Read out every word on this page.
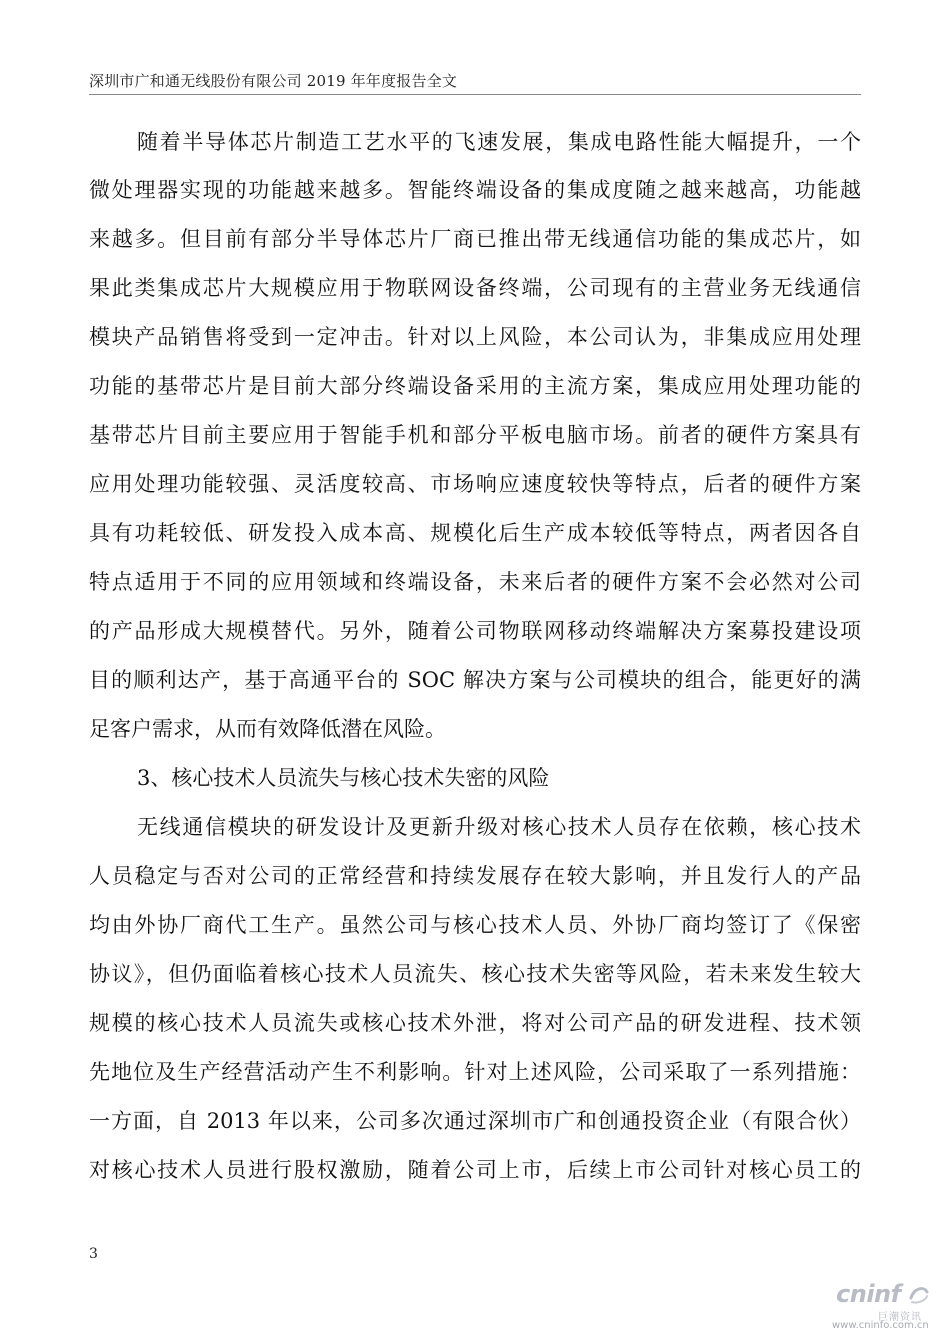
深圳市广和通无线股份有限公司 2019 年年度报告全文
随着半导体芯片制造工艺水平的飞速发展，集成电路性能大幅提升，一个
微处理器实现的功能越来越多。智能终端设备的集成度随之越来越高，功能越
来越多。但目前有部分半导体芯片厂商已推出带无线通信功能的集成芯片，如
果此类集成芯片大规模应用于物联网设备终端，公司现有的主营业务无线通信
模块产品销售将受到一定冲击。针对以上风险，本公司认为，非集成应用处理
功能的基带芯片是目前大部分终端设备采用的主流方案，集成应用处理功能的
基带芯片目前主要应用于智能手机和部分平板电脑市场。前者的硬件方案具有
应用处理功能较强、灵活度较高、市场响应速度较快等特点，后者的硬件方案
具有功耗较低、研发投入成本高、规模化后生产成本较低等特点，两者因各自
特点适用于不同的应用领域和终端设备，未来后者的硬件方案不会必然对公司
的产品形成大规模替代。另外，随着公司物联网移动终端解决方案募投建设项
目的顺利达产，基于高通平台的 SOC 解决方案与公司模块的组合，能更好的满
足客户需求，从而有效降低潜在风险。
3、核心技术人员流失与核心技术失密的风险
无线通信模块的研发设计及更新升级对核心技术人员存在依赖，核心技术
人员稳定与否对公司的正常经营和持续发展存在较大影响，并且发行人的产品
均由外协厂商代工生产。虽然公司与核心技术人员、外协厂商均签订了《保密
协议》，但仍面临着核心技术人员流失、核心技术失密等风险，若未来发生较大
规模的核心技术人员流失或核心技术外泄，将对公司产品的研发进程、技术领
先地位及生产经营活动产生不利影响。针对上述风险，公司采取了一系列措施：
一方面，自 2013 年以来，公司多次通过深圳市广和创通投资企业（有限合伙）
对核心技术人员进行股权激励，随着公司上市，后续上市公司针对核心员工的
3
cninf
巨潮资讯
www.cninfo.com.cn
